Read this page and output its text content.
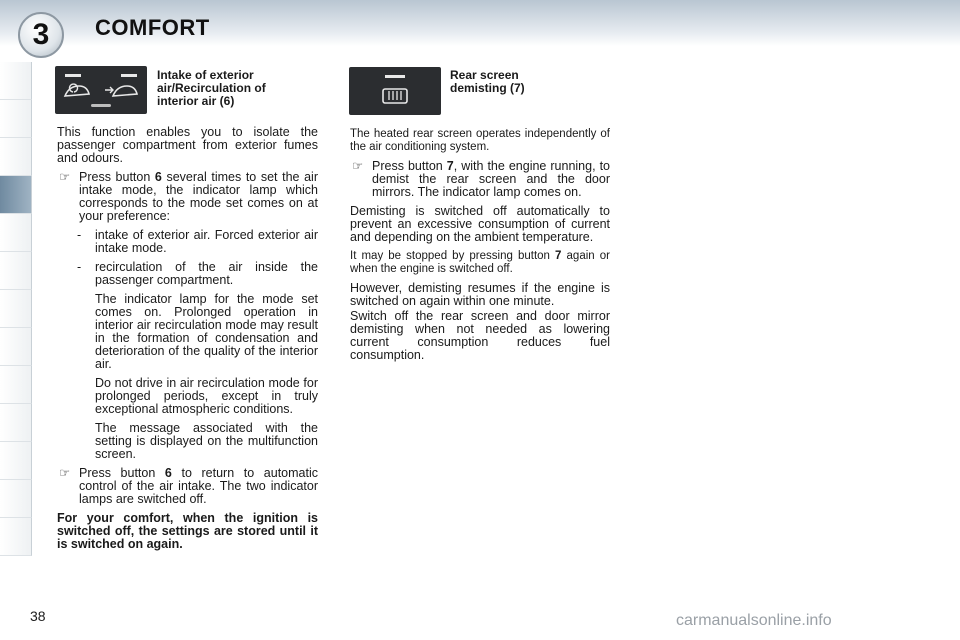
3	COMFORT
Intake of exterior air/Recirculation of interior air (6)
Rear screen demisting (7)

This function enables you to isolate the passenger compartment from exterior fumes and odours.

☞ Press button 6 several times to set the air intake mode, the indicator lamp which corresponds to the mode set comes on at your preference:
- intake of exterior air. Forced exterior air intake mode.
- recirculation of the air inside the passenger compartment.

The indicator lamp for the mode set comes on. Prolonged operation in interior air recirculation mode may result in the formation of condensation and deterioration of the quality of the interior air.

Do not drive in air recirculation mode for prolonged periods, except in truly exceptional atmospheric conditions.

The message associated with the setting is displayed on the multifunction screen.

☞ Press button 6 to return to automatic control of the air intake. The two indicator lamps are switched off.

For your comfort, when the ignition is switched off, the settings are stored until it is switched on again.

The heated rear screen operates independently of the air conditioning system.

☞ Press button 7, with the engine running, to demist the rear screen and the door mirrors. The indicator lamp comes on.

Demisting is switched off automatically to prevent an excessive consumption of current and depending on the ambient temperature.

It may be stopped by pressing button 7 again or when the engine is switched off.

However, demisting resumes if the engine is switched on again within one minute.

Switch off the rear screen and door mirror demisting when not needed as lowering current consumption reduces fuel consumption.

38	carmanualsonline.info
